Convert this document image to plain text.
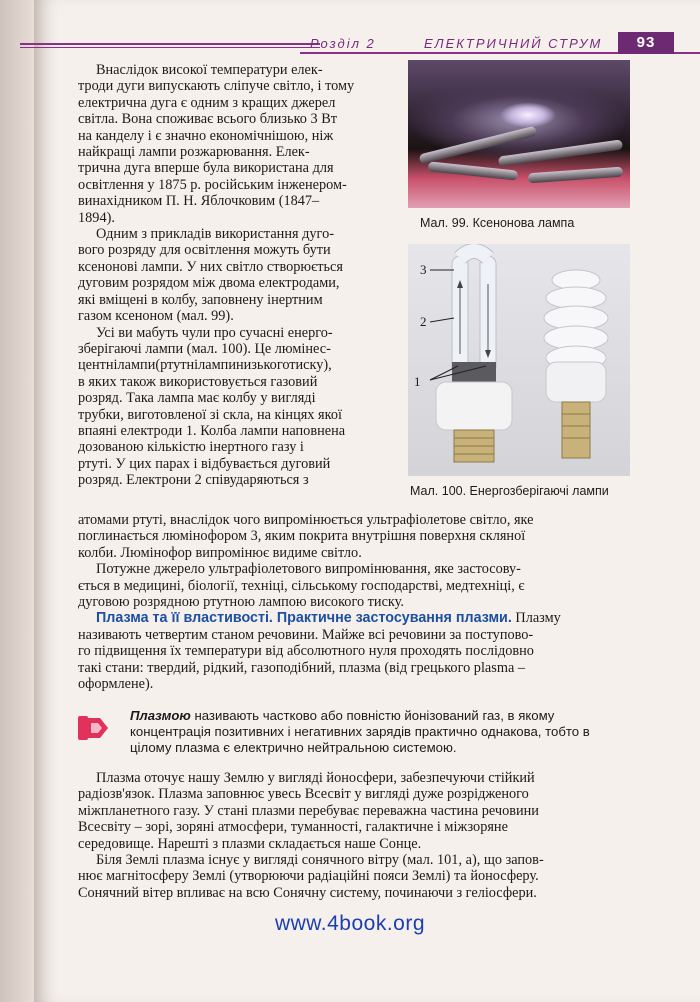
Розділ 2	ЕЛЕКТРИЧНИЙ СТРУМ	93

Внаслідок високої температури елек-
троди дуги випускають сліпуче світло, і тому
електрична дуга є одним з кращих джерел
світла. Вона споживає всього близько 3 Вт
на канделу і є значно економічнішою, ніж
найкращі лампи розжарювання. Елек-
трична дуга вперше була використана для
освітлення у 1875 р. російським інженером-
винахідником П. Н. Яблочковим (1847–
1894).

Одним з прикладів використання дуго-
вого розряду для освітлення можуть бути
ксенонові лампи. У них світло створюється
дуговим розрядом між двома електродами,
які вміщені в колбу, заповнену інертним
газом ксеноном (мал. 99).

Усі ви мабуть чули про сучасні енерго-
зберігаючі лампи (мал. 100). Це люмінес-
центнілампи(ртутнілампинизькоготиску),
в яких також використовується газовий
розряд. Така лампа має колбу у вигляді
трубки, виготовленої зі скла, на кінцях якої
впаяні електроди 1. Колба лампи наповнена
дозованою кількістю інертного газу і
ртуті. У цих парах і відбувається дуговий
розряд. Електрони 2 співударяються з

Мал. 99. Ксенонова лампа
3
2
1
Мал. 100. Енергозберігаючі лампи

атомами ртуті, внаслідок чого випромінюється ультрафіолетове світло, яке
поглинається люмінофором 3, яким покрита внутрішня поверхня скляної
колби. Люмінофор випромінює видиме світло.

Потужне джерело ультрафіолетового випромінювання, яке застосову-
ється в медицині, біології, техніці, сільському господарстві, медтехніці, є
дуговою розрядною ртутною лампою високого тиску.

Плазма та її властивості. Практичне застосування плазми. Плазму
називають четвертим станом речовини. Майже всі речовини за поступово-
го підвищення їх температури від абсолютного нуля проходять послідовно
такі стани: твердий, рідкий, газоподібний, плазма (від грецького plasma –
оформлене).

Плазмою називають частково або повністю йонізований газ, в якому
концентрація позитивних і негативних зарядів практично однакова, тобто в
цілому плазма є електрично нейтральною системою.

Плазма оточує нашу Землю у вигляді йоносфери, забезпечуючи стійкий
радіозв'язок. Плазма заповнює увесь Всесвіт у вигляді дуже розрідженого
міжпланетного газу. У стані плазми перебуває переважна частина речовини
Всесвіту – зорі, зоряні атмосфери, туманності, галактичне і міжзоряне
середовище. Нарешті з плазми складається наше Сонце.

Біля Землі плазма існує у вигляді сонячного вітру (мал. 101, а), що запов-
нює магнітосферу Землі (утворюючи радіаційні пояси Землі) та йоносферу.
Сонячний вітер впливає на всю Сонячну систему, починаючи з геліосфери.

www.4book.org
